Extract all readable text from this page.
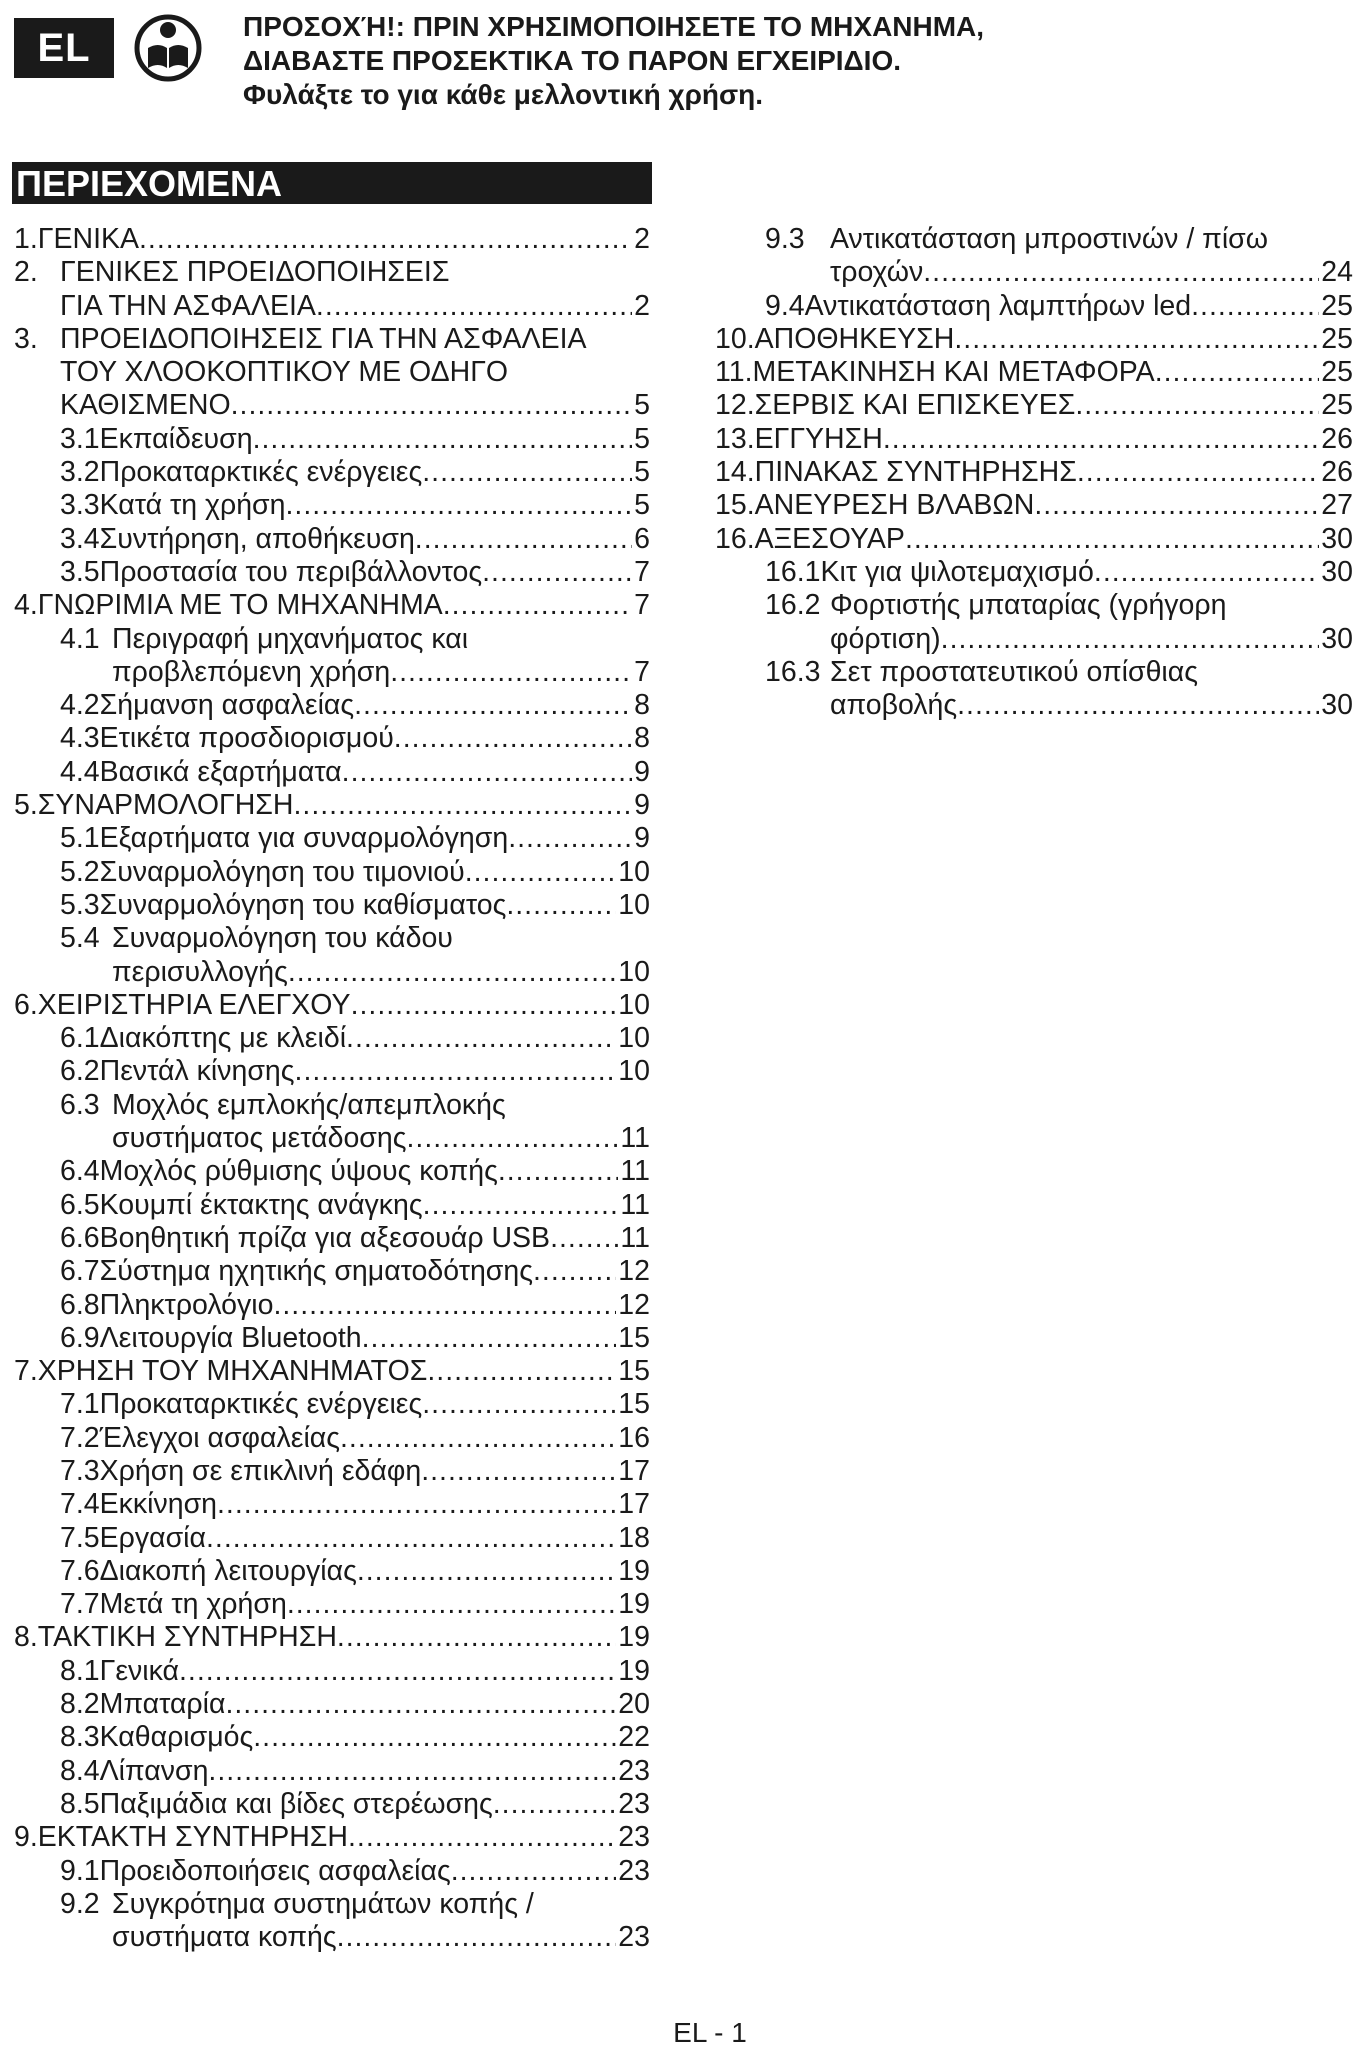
EL	ΠΡΟΣΟΧΉ!: ΠΡΙΝ ΧΡΗΣΙΜΟΠΟΙΗΣΕΤΕ ΤΟ ΜΗΧΑΝΗΜΑ,
ΔΙΑΒΑΣΤΕ ΠΡΟΣΕΚΤΙΚΑ ΤΟ ΠΑΡΟΝ ΕΓΧΕΙΡΙΔΙΟ.
Φυλάξτε το για κάθε μελλοντική χρήση.
ΠΕΡΙΕΧΟΜΕΝΑ
1. ΓΕΝΙΚΑ .....	2
2. ΓΕΝΙΚΕΣ ΠΡΟΕΙΔΟΠΟΙΗΣΕΙΣ
ΓΙΑ ΤΗΝ ΑΣΦΑΛΕΙΑ .....	2
3. ΠΡΟΕΙΔΟΠΟΙΗΣΕΙΣ ΓΙΑ ΤΗΝ ΑΣΦΑΛΕΙΑ
ΤΟΥ ΧΛΟΟΚΟΠΤΙΚΟΥ ΜΕ ΟΔΗΓΟ
ΚΑΘΙΣΜΕΝΟ .....	5
3.1 Εκπαίδευση .....	5
3.2 Προκαταρκτικές ενέργειες .....	5
3.3 Κατά τη χρήση .....	5
3.4 Συντήρηση, αποθήκευση .....	6
3.5 Προστασία του περιβάλλοντος .....	7
4. ΓΝΩΡΙΜΙΑ ΜΕ ΤΟ ΜΗΧΑΝΗΜΑ .....	7
4.1 Περιγραφή μηχανήματος και
προβλεπόμενη χρήση .....	7
4.2 Σήμανση ασφαλείας .....	8
4.3 Ετικέτα προσδιορισμού .....	8
4.4 Βασικά εξαρτήματα .....	9
5. ΣΥΝΑΡΜΟΛΟΓΗΣΗ .....	9
5.1 Εξαρτήματα για συναρμολόγηση .....	9
5.2 Συναρμολόγηση του τιμονιού .....	10
5.3 Συναρμολόγηση του καθίσματος .....	10
5.4 Συναρμολόγηση του κάδου
περισυλλογής .....	10
6. ΧΕΙΡΙΣΤΗΡΙΑ ΕΛΕΓΧΟΥ .....	10
6.1 Διακόπτης με κλειδί .....	10
6.2 Πεντάλ κίνησης .....	10
6.3 Μοχλός εμπλοκής/απεμπλοκής
συστήματος μετάδοσης .....	11
6.4 Μοχλός ρύθμισης ύψους κοπής .....	11
6.5 Κουμπί έκτακτης ανάγκης .....	11
6.6 Βοηθητική πρίζα για αξεσουάρ USB ..... 11
6.7 Σύστημα ηχητικής σηματοδότησης .....	12
6.8 Πληκτρολόγιο .....	12
6.9 Λειτουργία Bluetooth .....	15
7. ΧΡΗΣΗ ΤΟΥ ΜΗΧΑΝΗΜΑΤΟΣ .....	15
7.1 Προκαταρκτικές ενέργειες .....	15
7.2 Έλεγχοι ασφαλείας .....	16
7.3 Χρήση σε επικλινή εδάφη .....	17
7.4 Εκκίνηση .....	17
7.5 Εργασία .....	18
7.6 Διακοπή λειτουργίας .....	19
7.7 Μετά τη χρήση .....	19
8. ΤΑΚΤΙΚΗ ΣΥΝΤΗΡΗΣΗ .....	19
8.1 Γενικά .....	19
8.2 Μπαταρία .....	20
8.3 Καθαρισμός .....	22
8.4 Λίπανση .....	23
8.5 Παξιμάδια και βίδες στερέωσης .....	23
9. ΕΚΤΑΚΤΗ ΣΥΝΤΗΡΗΣΗ .....	23
9.1 Προειδοποιήσεις ασφαλείας .....	23
9.2 Συγκρότημα συστημάτων κοπής /
συστήματα κοπής .....	23
9.3 Αντικατάσταση μπροστινών / πίσω
τροχών .....	24
9.4 Αντικατάσταση λαμπτήρων led .....	25
10. ΑΠΟΘΗΚΕΥΣΗ .....	25
11. ΜΕΤΑΚΙΝΗΣΗ ΚΑΙ ΜΕΤΑΦΟΡΑ .....	25
12. ΣΕΡΒΙΣ ΚΑΙ ΕΠΙΣΚΕΥΕΣ .....	25
13. ΕΓΓΥΗΣΗ .....	26
14. ΠΙΝΑΚΑΣ ΣΥΝΤΗΡΗΣΗΣ .....	26
15. ΑΝΕΥΡΕΣΗ ΒΛΑΒΩΝ .....	27
16. ΑΞΕΣΟΥΑΡ .....	30
16.1 Κιτ για ψιλοτεμαχισμό .....	30
16.2 Φορτιστής μπαταρίας (γρήγορη
φόρτιση) .....	30
16.3 Σετ προστατευτικού οπίσθιας
αποβολής .....	30
EL - 1
